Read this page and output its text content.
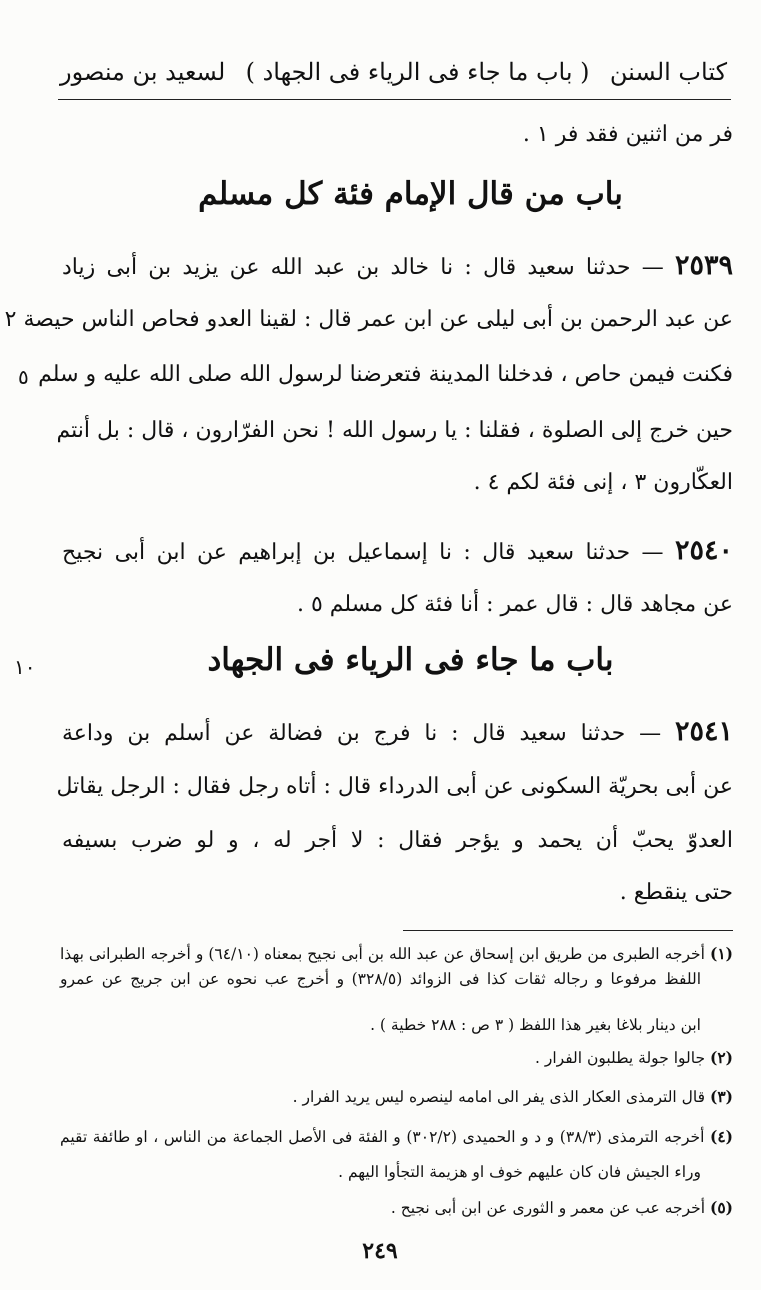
كتاب السنن
( باب ما جاء فى الرياء فى الجهاد )
لسعيد بن منصور
فر من اثنين فقد فر ١ .
باب من قال الإمام فئة كل مسلم
٢٥٣٩ — حدثنا سعيد قال : نا خالد بن عبد الله عن يزيد بن أبى زياد
عن عبد الرحمن بن أبى ليلى عن ابن عمر قال : لقينا العدو فحاص الناس حيصة ٢
فكنت فيمن حاص ، فدخلنا المدينة فتعرضنا لرسول الله صلى الله عليه و سلم
حين خرج إلى الصلوة ، فقلنا : يا رسول الله ! نحن الفرّارون ، قال : بل أنتم
العكّارون ٣ ، إنى فئة لكم ٤ .
٥
٢٥٤٠ — حدثنا سعيد قال : نا إسماعيل بن إبراهيم عن ابن أبى نجيح
عن مجاهد قال : قال عمر : أنا فئة كل مسلم ٥ .
باب ما جاء فى الرياء فى الجهاد
١٠
٢٥٤١ — حدثنا سعيد قال : نا فرج بن فضالة عن أسلم بن وداعة
عن أبى بحريّة السكونى عن أبى الدرداء قال : أتاه رجل فقال : الرجل يقاتل
العدوّ يحبّ أن يحمد و يؤجر فقال : لا أجر له ، و لو ضرب بسيفه
حتى ينقطع .
(١) أخرجه الطبرى من طريق ابن إسحاق عن عبد الله بن أبى نجيح بمعناه (٦٤/١٠) و أخرجه الطبرانى بهذا
اللفظ مرفوعا و رجاله ثقات كذا فى الزوائد (٣٢٨/٥) و أخرج عب نحوه عن ابن جريج عن عمرو
ابن دينار بلاغا بغير هذا اللفظ ( ٣ ص : ٢٨٨ خطية ) .
(٢) جالوا جولة يطلبون الفرار .
(٣) قال الترمذى العكار الذى يفر الى امامه لينصره ليس يريد الفرار .
(٤) أخرجه الترمذى (٣٨/٣) و د و الحميدى (٣٠٢/٢) و الفئة فى الأصل الجماعة من الناس ، او طائفة تقيم
وراء الجيش فان كان عليهم خوف او هزيمة التجأوا اليهم .
(٥) أخرجه عب عن معمر و الثورى عن ابن أبى نجيح .
٢٤٩
